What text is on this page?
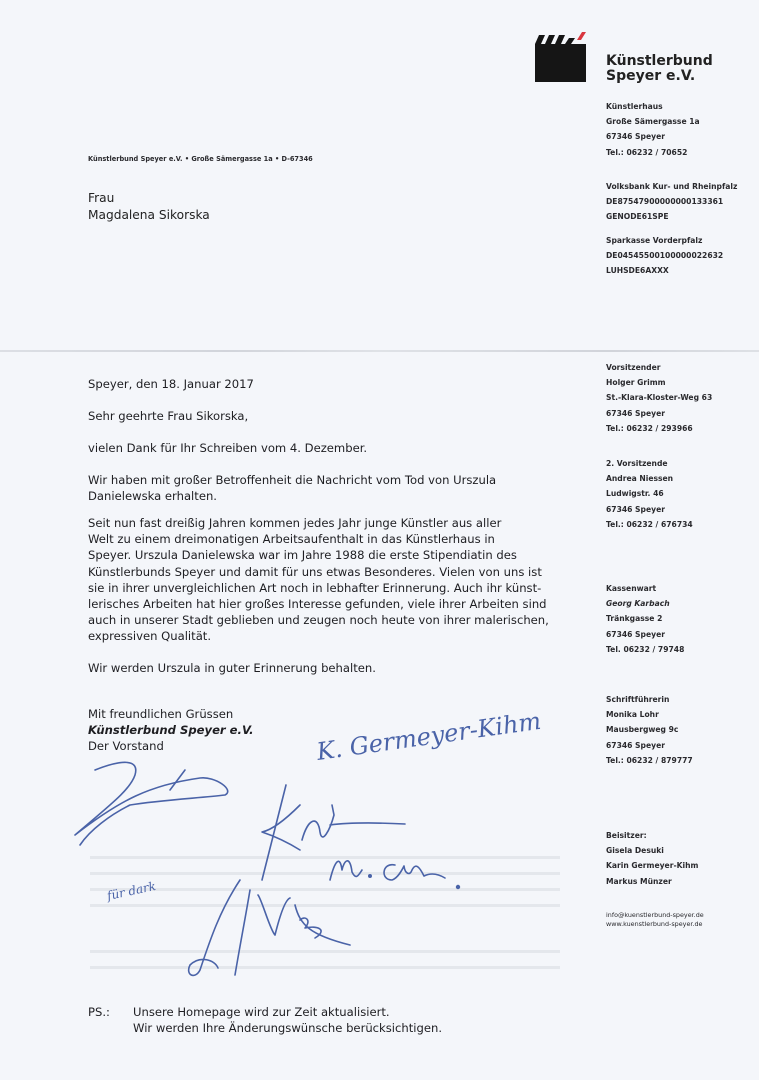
Künstlerbund
Speyer e.V.
Künstlerhaus
Große Sämergasse 1a
67346 Speyer
Tel.: 06232 / 70652
Volksbank Kur- und Rheinpfalz
DE87547900000000133361
GENODE61SPE
Sparkasse Vorderpfalz
DE04545500100000022632
LUHSDE6AXXX
Vorsitzender
Holger Grimm
St.-Klara-Kloster-Weg 63
67346 Speyer
Tel.: 06232 / 293966
2. Vorsitzende
Andrea Niessen
Ludwigstr. 46
67346 Speyer
Tel.: 06232 / 676734
Kassenwart
Georg Karbach
Tränkgasse 2
67346 Speyer
Tel. 06232 / 79748
Schriftführerin
Monika Lohr
Mausbergweg 9c
67346 Speyer
Tel.: 06232 / 879777
Beisitzer:
Gisela Desuki
Karin Germeyer-Kihm
Markus Münzer
info@kuenstlerbund-speyer.de
www.kuenstlerbund-speyer.de
Künstlerbund Speyer e.V. • Große Sämergasse 1a • D-67346
Frau
Magdalena Sikorska
Speyer, den 18. Januar 2017
Sehr geehrte Frau Sikorska,
vielen Dank für Ihr Schreiben vom 4. Dezember.
Wir haben mit großer Betroffenheit die Nachricht vom Tod von Urszula
Danielewska erhalten.
Seit nun fast dreißig Jahren kommen jedes Jahr junge Künstler aus aller
Welt zu einem dreimonatigen Arbeitsaufenthalt in das Künstlerhaus in
Speyer. Urszula Danielewska war im Jahre 1988 die erste Stipendiatin des
Künstlerbunds Speyer und damit für uns etwas Besonderes. Vielen von uns ist
sie in ihrer unvergleichlichen Art noch in lebhafter Erinnerung. Auch ihr künst-
lerisches Arbeiten hat hier großes Interesse gefunden, viele ihrer Arbeiten sind
auch in unserer Stadt geblieben und zeugen noch heute von ihrer malerischen,
expressiven Qualität.
Wir werden Urszula in guter Erinnerung behalten.
Mit freundlichen Grüssen
Künstlerbund Speyer e.V.
Der Vorstand	K. Germeyer-Kihm
für dark
PS.: Unsere Homepage wird zur Zeit aktualisiert.
Wir werden Ihre Änderungswünsche berücksichtigen.
